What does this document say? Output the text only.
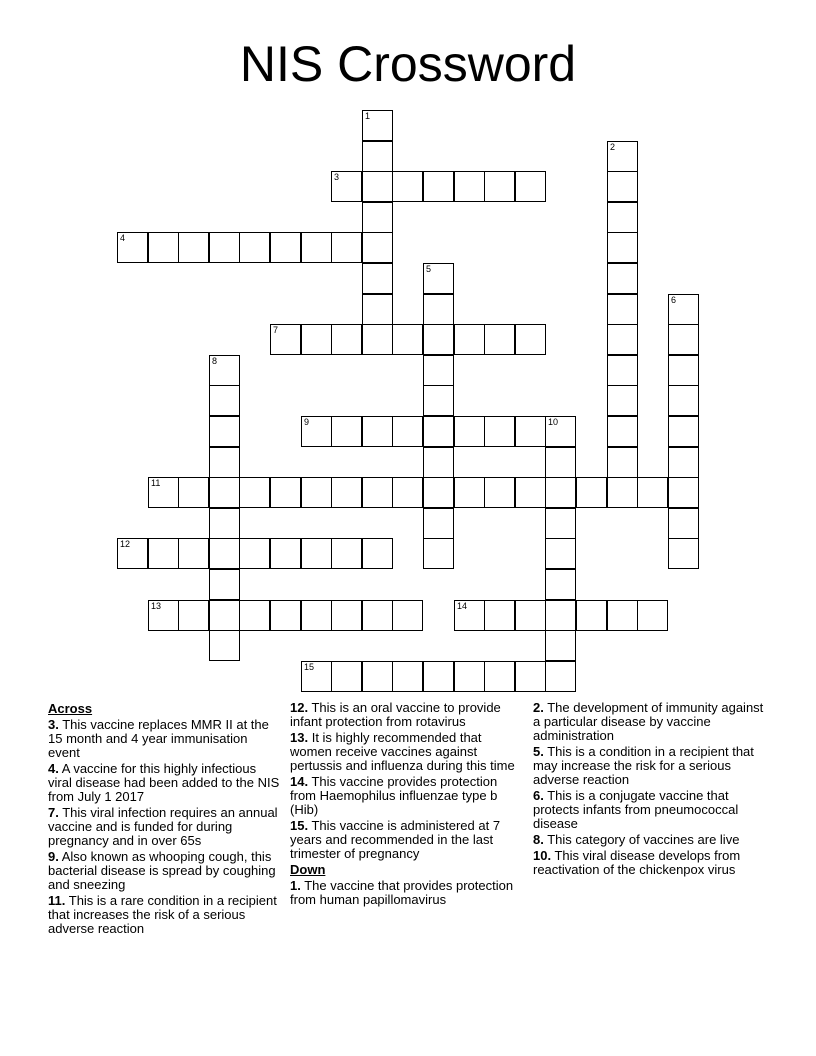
NIS Crossword
1
2
3
4
5
6
7
8
9	10
11
12
13	14
15
Across
3. This vaccine replaces MMR II at the 15 month and 4 year immunisation event
4. A vaccine for this highly infectious viral disease had been added to the NIS from July 1 2017
7. This viral infection requires an annual vaccine and is funded for during pregnancy and in over 65s
9. Also known as whooping cough, this bacterial disease is spread by coughing and sneezing
11. This is a rare condition in a recipient that increases the risk of a serious adverse reaction
12. This is an oral vaccine to provide infant protection from rotavirus
13. It is highly recommended that women receive vaccines against pertussis and influenza during this time
14. This vaccine provides protection from Haemophilus influenzae type b (Hib)
15. This vaccine is administered at 7 years and recommended in the last trimester of pregnancy
Down
1. The vaccine that provides protection from human papillomavirus
2. The development of immunity against a particular disease by vaccine administration
5. This is a condition in a recipient that may increase the risk for a serious adverse reaction
6. This is a conjugate vaccine that protects infants from pneumococcal disease
8. This category of vaccines are live
10. This viral disease develops from reactivation of the chickenpox virus
